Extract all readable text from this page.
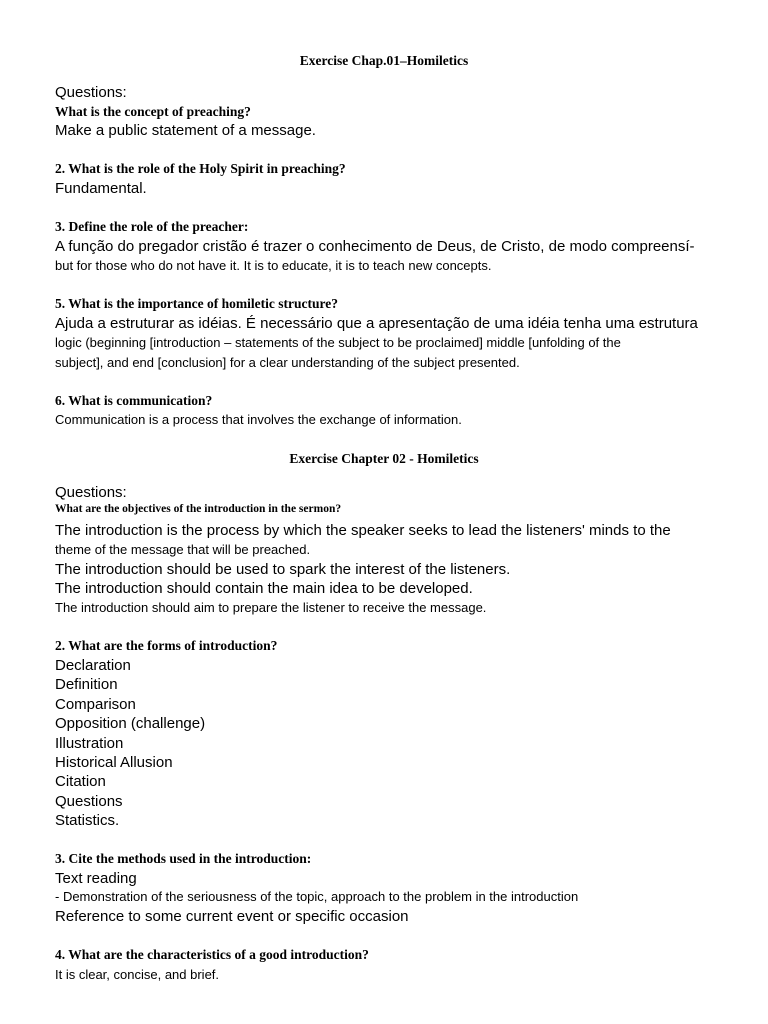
Exercise Chap.01–Homiletics

Questions:

What is the concept of preaching?

Make a public statement of a message.

2. What is the role of the Holy Spirit in preaching?

Fundamental.

3. Define the role of the preacher:

A função do pregador cristão é trazer o conhecimento de Deus, de Cristo, de modo compreensí-

but for those who do not have it. It is to educate, it is to teach new concepts.

5. What is the importance of homiletic structure?

Ajuda a estruturar as idéias. É necessário que a apresentação de uma idéia tenha uma estrutura

logic (beginning [introduction – statements of the subject to be proclaimed] middle [unfolding of the

subject], and end [conclusion] for a clear understanding of the subject presented.

6. What is communication?

Communication is a process that involves the exchange of information.

Exercise Chapter 02 - Homiletics

Questions:

What are the objectives of the introduction in the sermon?

The introduction is the process by which the speaker seeks to lead the listeners' minds to the

theme of the message that will be preached.

The introduction should be used to spark the interest of the listeners.

The introduction should contain the main idea to be developed.

The introduction should aim to prepare the listener to receive the message.

2. What are the forms of introduction?

Declaration

Definition

Comparison

Opposition (challenge)

Illustration

Historical Allusion

Citation

Questions

Statistics.

3. Cite the methods used in the introduction:

Text reading

- Demonstration of the seriousness of the topic, approach to the problem in the introduction

Reference to some current event or specific occasion

4. What are the characteristics of a good introduction?

It is clear, concise, and brief.
